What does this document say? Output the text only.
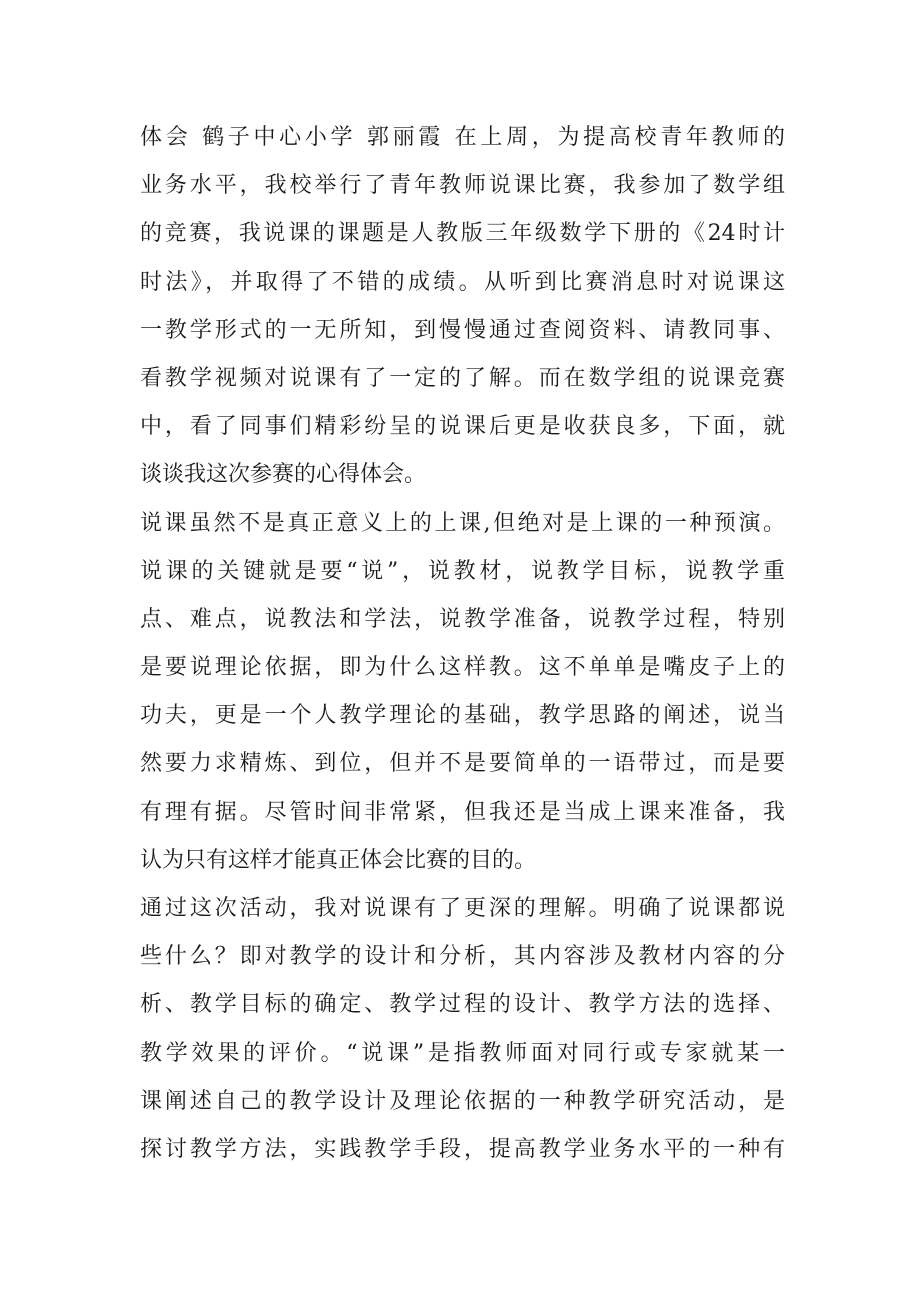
体会 鹤子中心小学 郭丽霞 在上周，为提高校青年教师的
业务水平，我校举行了青年教师说课比赛，我参加了数学组
的竞赛，我说课的课题是人教版三年级数学下册的《24时计
时法》，并取得了不错的成绩。从听到比赛消息时对说课这
一教学形式的一无所知，到慢慢通过查阅资料、请教同事、
看教学视频对说课有了一定的了解。而在数学组的说课竞赛
中，看了同事们精彩纷呈的说课后更是收获良多，下面，就
谈谈我这次参赛的心得体会。
说课虽然不是真正意义上的上课,但绝对是上课的一种预演。
说课的关键就是要“说”，说教材，说教学目标，说教学重
点、难点，说教法和学法，说教学准备，说教学过程，特别
是要说理论依据，即为什么这样教。这不单单是嘴皮子上的
功夫，更是一个人教学理论的基础，教学思路的阐述，说当
然要力求精炼、到位，但并不是要简单的一语带过，而是要
有理有据。尽管时间非常紧，但我还是当成上课来准备，我
认为只有这样才能真正体会比赛的目的。
通过这次活动，我对说课有了更深的理解。明确了说课都说
些什么？即对教学的设计和分析，其内容涉及教材内容的分
析、教学目标的确定、教学过程的设计、教学方法的选择、
教学效果的评价。“说课”是指教师面对同行或专家就某一
课阐述自己的教学设计及理论依据的一种教学研究活动，是
探讨教学方法，实践教学手段，提高教学业务水平的一种有
